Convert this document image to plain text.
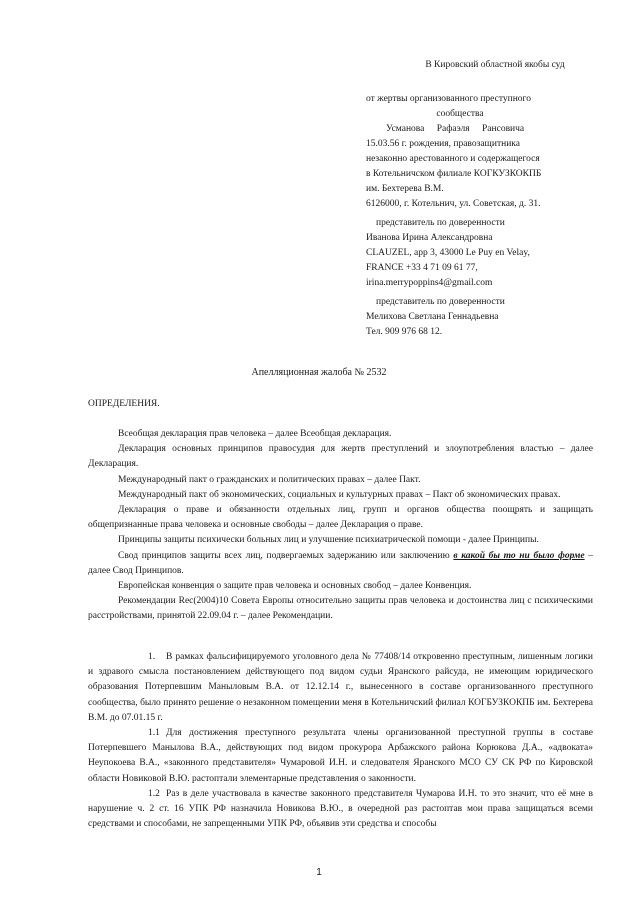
В Кировский областной якобы суд
от жертвы организованного преступного
сообщества
Усманова Рафаэля Рансовича
15.03.56 г. рождения, правозащитника
незаконно арестованного и содержащегося
в Котельничском филиале КОГКУЗКОКПБ
им. Бехтерева В.М.
6126000, г. Котельнич, ул. Советская, д. 31.
представитель по доверенности
Иванова Ирина Александровна
CLAUZEL, app 3, 43000 Le Puy en Velay,
FRANCE +33 4 71 09 61 77,
irina.merrypoppins4@gmail.com
представитель по доверенности
Мелихова Светлана Геннадьевна
Тел. 909 976 68 12.
Апелляционная жалоба № 2532
ОПРЕДЕЛЕНИЯ.

Всеобщая декларация прав человека – далее Всеобщая декларация.

Декларация основных принципов правосудия для жертв преступлений и злоупотребления властью – далее Декларация.

Международный пакт о гражданских и политических правах – далее Пакт.

Международный пакт об экономических, социальных и культурных правах – Пакт об экономических правах.

Декларация о праве и обязанности отдельных лиц, групп и органов общества поощрять и защищать общепризнанные права человека и основные свободы – далее Декларация о праве.

Принципы защиты психически больных лиц и улучшение психиатрической помощи - далее Принципы.

Свод принципов защиты всех лиц, подвергаемых задержанию или заключению в какой бы то ни было форме – далее Свод Принципов.

Европейская конвенция о защите прав человека и основных свобод – далее Конвенция.

Рекомендации Rec(2004)10 Совета Европы относительно защиты прав человека и достоинства лиц с психическими расстройствами, принятой 22.09.04 г. – далее Рекомендации.

1. В рамках фальсифицируемого уголовного дела № 77408/14 откровенно преступным, лишенным логики и здравого смысла постановлением действующего под видом судьи Яранского райсуда, не имеющим юридического образования Потерпевшим Маныловым В.А. от 12.12.14 г., вынесенного в составе организованного преступного сообщества, было принято решение о незаконном помещении меня в Котельничский филиал КОГБУЗКОКПБ им. Бехтерева В.М. до 07.01.15 г.

1.1 Для достижения преступного результата члены организованной преступной группы в составе Потерпевшего Манылова В.А., действующих под видом прокурора Арбажского района Корюкова Д.А., «адвоката» Неупокоева В.А., «законного представителя» Чумаровой И.Н. и следователя Яранского МСО СУ СК РФ по Кировской области Новиковой В.Ю. растоптали элементарные представления о законности.

1.2 Раз в деле участвовала в качестве законного представителя Чумарова И.Н. то это значит, что её мне в нарушение ч. 2 ст. 16 УПК РФ назначила Новикова В.Ю., в очередной раз растоптав мои права защищаться всеми средствами и способами, не запрещенными УПК РФ, объявив эти средства и способы

1
